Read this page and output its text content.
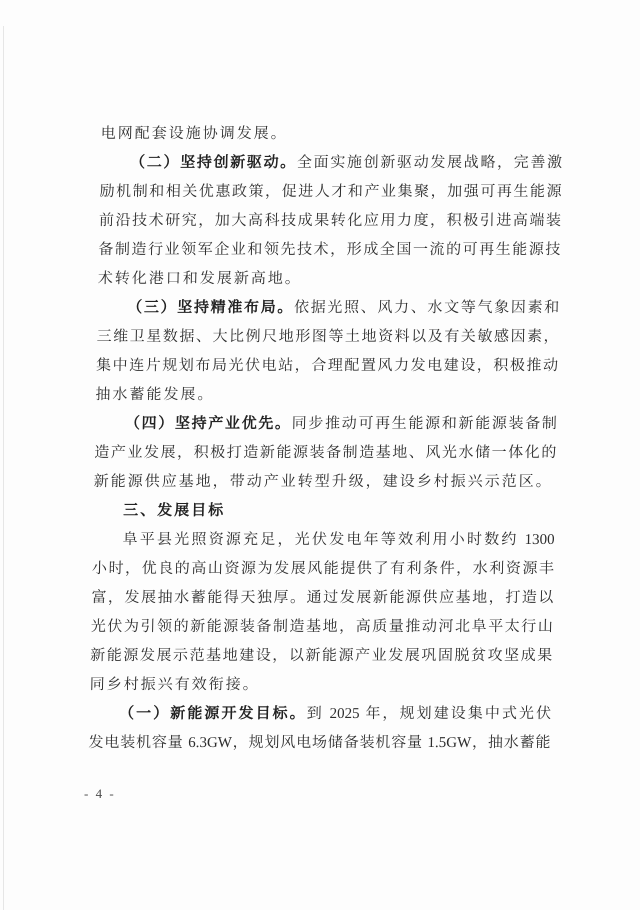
电网配套设施协调发展。
（二）坚持创新驱动。全面实施创新驱动发展战略，完善激
励机制和相关优惠政策，促进人才和产业集聚，加强可再生能源
前沿技术研究，加大高科技成果转化应用力度，积极引进高端装
备制造行业领军企业和领先技术，形成全国一流的可再生能源技
术转化港口和发展新高地。
（三）坚持精准布局。依据光照、风力、水文等气象因素和
三维卫星数据、大比例尺地形图等土地资料以及有关敏感因素，
集中连片规划布局光伏电站，合理配置风力发电建设，积极推动
抽水蓄能发展。
（四）坚持产业优先。同步推动可再生能源和新能源装备制
造产业发展，积极打造新能源装备制造基地、风光水储一体化的
新能源供应基地，带动产业转型升级，建设乡村振兴示范区。
三、发展目标
阜平县光照资源充足，光伏发电年等效利用小时数约 1300
小时，优良的高山资源为发展风能提供了有利条件，水利资源丰
富，发展抽水蓄能得天独厚。通过发展新能源供应基地，打造以
光伏为引领的新能源装备制造基地，高质量推动河北阜平太行山
新能源发展示范基地建设，以新能源产业发展巩固脱贫攻坚成果
同乡村振兴有效衔接。
（一）新能源开发目标。到 2025 年，规划建设集中式光伏
发电装机容量 6.3GW，规划风电场储备装机容量 1.5GW，抽水蓄能
- 4 -
